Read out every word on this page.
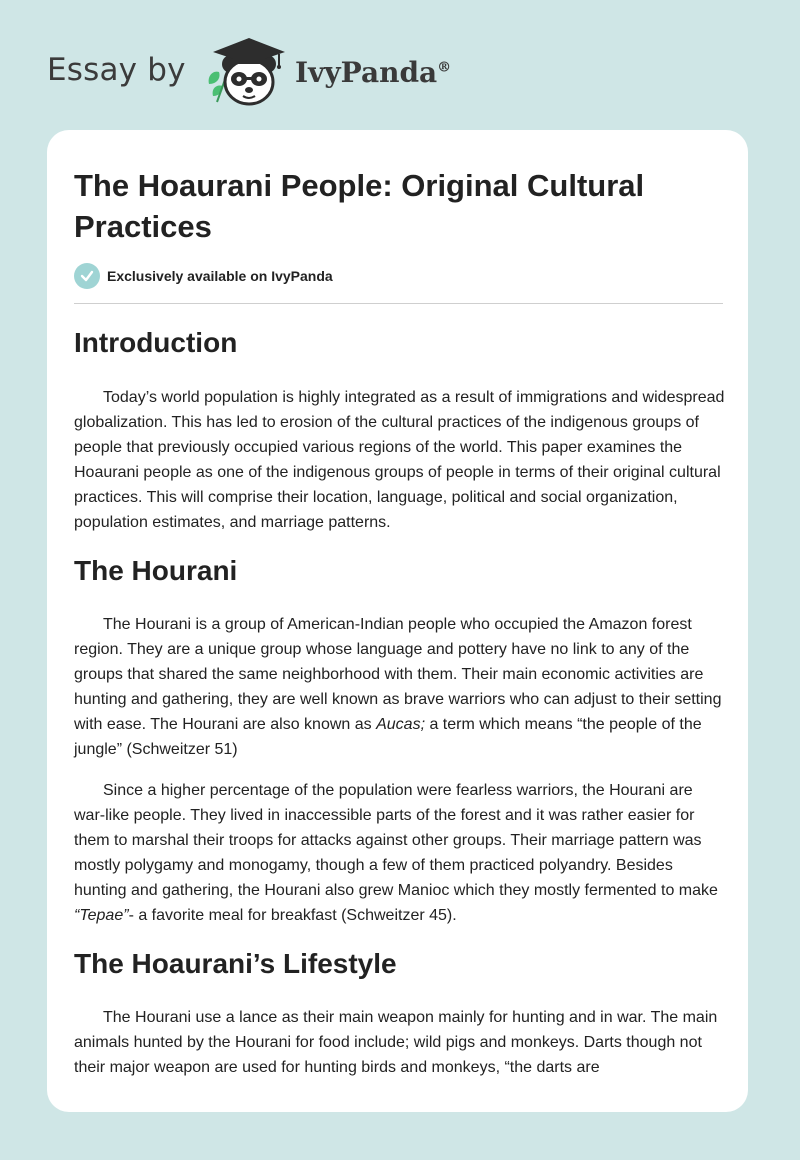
Essay by	IvyPanda®
The Hoaurani People: Original Cultural Practices
Exclusively available on IvyPanda
Introduction

Today’s world population is highly integrated as a result of immigrations and widespread globalization. This has led to erosion of the cultural practices of the indigenous groups of people that previously occupied various regions of the world. This paper examines the Hoaurani people as one of the indigenous groups of people in terms of their original cultural practices. This will comprise their location, language, political and social organization, population estimates, and marriage patterns.

The Hourani

The Hourani is a group of American-Indian people who occupied the Amazon forest region. They are a unique group whose language and pottery have no link to any of the groups that shared the same neighborhood with them. Their main economic activities are hunting and gathering, they are well known as brave warriors who can adjust to their setting with ease. The Hourani are also known as Aucas; a term which means “the people of the jungle” (Schweitzer 51)

Since a higher percentage of the population were fearless warriors, the Hourani are war-like people. They lived in inaccessible parts of the forest and it was rather easier for them to marshal their troops for attacks against other groups. Their marriage pattern was mostly polygamy and monogamy, though a few of them practiced polyandry. Besides hunting and gathering, the Hourani also grew Manioc which they mostly fermented to make “Tepae”- a favorite meal for breakfast (Schweitzer 45).

The Hoaurani’s Lifestyle

The Hourani use a lance as their main weapon mainly for hunting and in war. The main animals hunted by the Hourani for food include; wild pigs and monkeys. Darts though not their major weapon are used for hunting birds and monkeys, “the darts are
